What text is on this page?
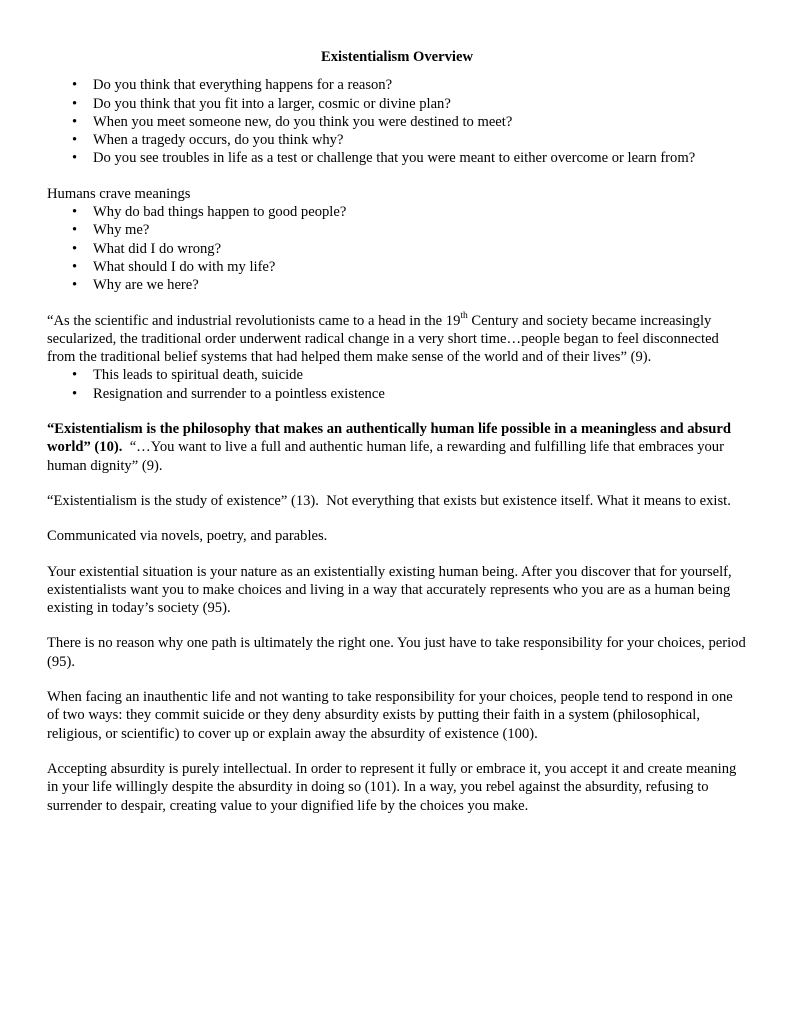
Existentialism Overview

• Do you think that everything happens for a reason?
• Do you think that you fit into a larger, cosmic or divine plan?
• When you meet someone new, do you think you were destined to meet?
• When a tragedy occurs, do you think why?
• Do you see troubles in life as a test or challenge that you were meant to either overcome or learn from?

Humans crave meanings

• Why do bad things happen to good people?
• Why me?
• What did I do wrong?
• What should I do with my life?
• Why are we here?

“As the scientific and industrial revolutionists came to a head in the 19th Century and society became increasingly secularized, the traditional order underwent radical change in a very short time…people began to feel disconnected from the traditional belief systems that had helped them make sense of the world and of their lives” (9).

• This leads to spiritual death, suicide
• Resignation and surrender to a pointless existence

“Existentialism is the philosophy that makes an authentically human life possible in a meaningless and absurd world” (10).  “…You want to live a full and authentic human life, a rewarding and fulfilling life that embraces your human dignity” (9).

“Existentialism is the study of existence” (13).  Not everything that exists but existence itself. What it means to exist.

Communicated via novels, poetry, and parables.

Your existential situation is your nature as an existentially existing human being. After you discover that for yourself, existentialists want you to make choices and living in a way that accurately represents who you are as a human being existing in today’s society (95).

There is no reason why one path is ultimately the right one. You just have to take responsibility for your choices, period (95).

When facing an inauthentic life and not wanting to take responsibility for your choices, people tend to respond in one of two ways: they commit suicide or they deny absurdity exists by putting their faith in a system (philosophical, religious, or scientific) to cover up or explain away the absurdity of existence (100).

Accepting absurdity is purely intellectual. In order to represent it fully or embrace it, you accept it and create meaning in your life willingly despite the absurdity in doing so (101). In a way, you rebel against the absurdity, refusing to surrender to despair, creating value to your dignified life by the choices you make.
